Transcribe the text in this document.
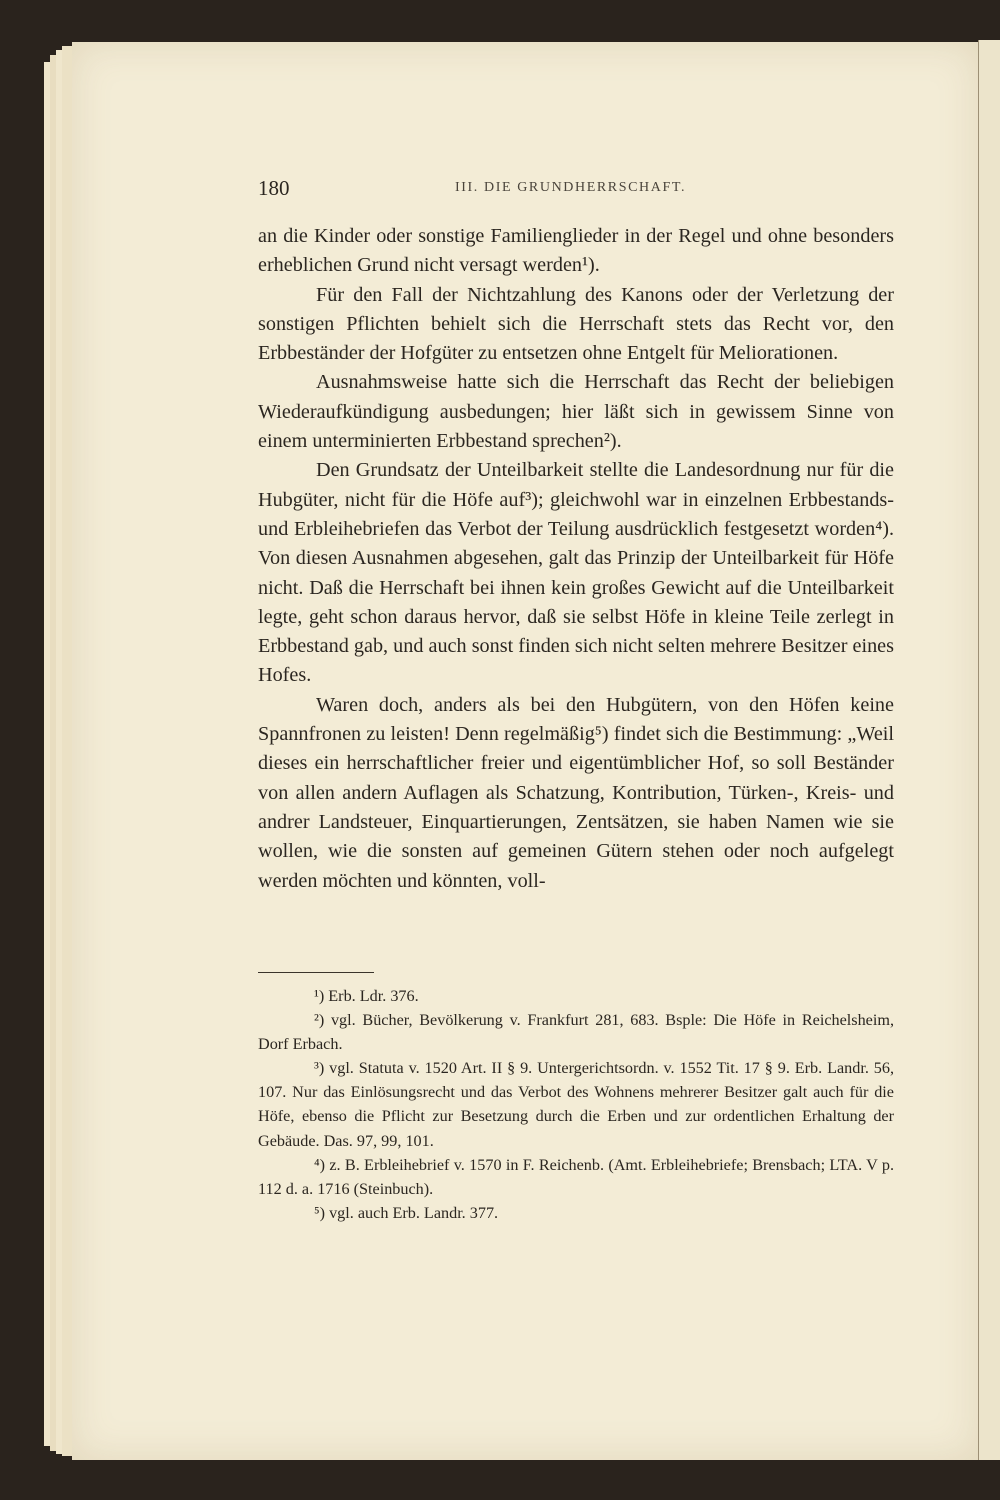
180	III. DIE GRUNDHERRSCHAFT.

an die Kinder oder sonstige Familienglieder in der Regel und ohne besonders erheblichen Grund nicht versagt werden¹).

Für den Fall der Nichtzahlung des Kanons oder der Verletzung der sonstigen Pflichten behielt sich die Herrschaft stets das Recht vor, den Erbbeständer der Hofgüter zu entsetzen ohne Entgelt für Meliorationen.

Ausnahmsweise hatte sich die Herrschaft das Recht der beliebigen Wiederaufkündigung ausbedungen; hier läßt sich in gewissem Sinne von einem unterminierten Erbbestand sprechen²).

Den Grundsatz der Unteilbarkeit stellte die Landesordnung nur für die Hubgüter, nicht für die Höfe auf³); gleichwohl war in einzelnen Erbbestands- und Erbleihebriefen das Verbot der Teilung ausdrücklich festgesetzt worden⁴). Von diesen Ausnahmen abgesehen, galt das Prinzip der Unteilbarkeit für Höfe nicht. Daß die Herrschaft bei ihnen kein großes Gewicht auf die Unteilbarkeit legte, geht schon daraus hervor, daß sie selbst Höfe in kleine Teile zerlegt in Erbbestand gab, und auch sonst finden sich nicht selten mehrere Besitzer eines Hofes.

Waren doch, anders als bei den Hubgütern, von den Höfen keine Spannfronen zu leisten! Denn regelmäßig⁵) findet sich die Bestimmung: „Weil dieses ein herrschaftlicher freier und eigentümblicher Hof, so soll Beständer von allen andern Auflagen als Schatzung, Kontribution, Türken-, Kreis- und andrer Landsteuer, Einquartierungen, Zentsätzen, sie haben Namen wie sie wollen, wie die sonsten auf gemeinen Gütern stehen oder noch aufgelegt werden möchten und könnten, voll-

¹) Erb. Ldr. 376.

²) vgl. Bücher, Bevölkerung v. Frankfurt 281, 683. Bsple: Die Höfe in Reichelsheim, Dorf Erbach.

³) vgl. Statuta v. 1520 Art. II § 9. Untergerichtsordn. v. 1552 Tit. 17 § 9. Erb. Landr. 56, 107. Nur das Einlösungsrecht und das Verbot des Wohnens mehrerer Besitzer galt auch für die Höfe, ebenso die Pflicht zur Besetzung durch die Erben und zur ordentlichen Erhaltung der Gebäude. Das. 97, 99, 101.

⁴) z. B. Erbleihebrief v. 1570 in F. Reichenb. (Amt. Erbleihebriefe; Brensbach; LTA. V p. 112 d. a. 1716 (Steinbuch).

⁵) vgl. auch Erb. Landr. 377.
